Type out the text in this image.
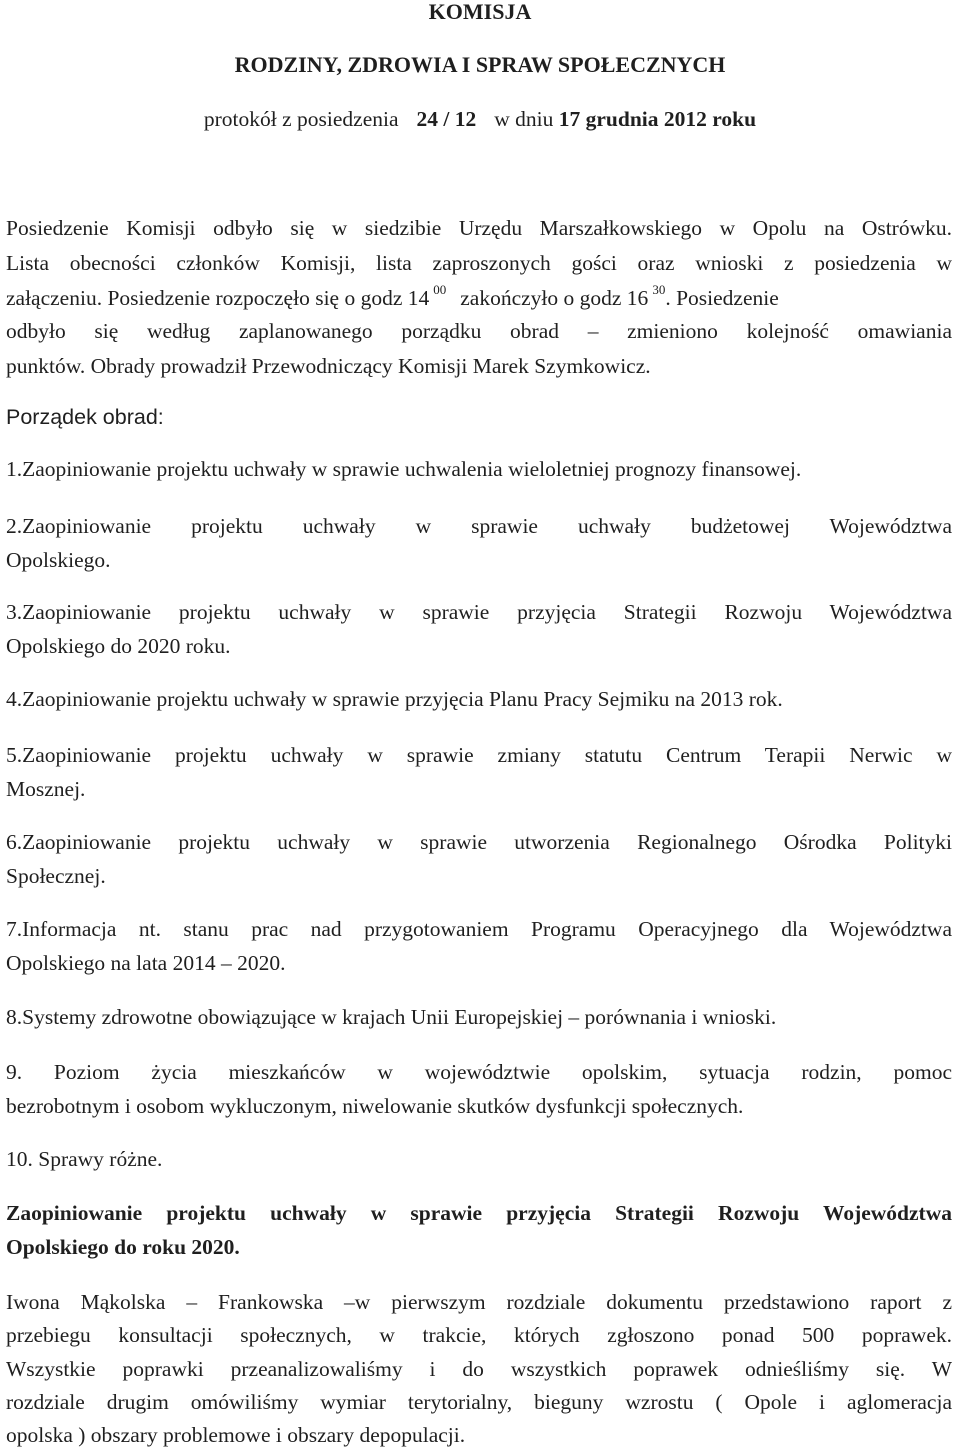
KOMISJA
RODZINY, ZDROWIA I SPRAW SPOŁECZNYCH
protokół z posiedzenia 24 / 12 w dniu 17 grudnia 2012 roku
Posiedzenie Komisji odbyło się w siedzibie Urzędu Marszałkowskiego w Opolu na Ostrówku.
Lista obecności członków Komisji, lista zaproszonych gości oraz wnioski z posiedzenia w
załączeniu. Posiedzenie rozpoczęło się o godz 14 $^{00}$ zakończyło o godz 16 $^{30}$. Posiedzenie
odbyło się według zaplanowanego porządku obrad – zmieniono kolejność omawiania
punktów. Obrady prowadził Przewodniczący Komisji Marek Szymkowicz.
Porządek obrad:
1.Zaopiniowanie projektu uchwały w sprawie uchwalenia wieloletniej prognozy finansowej.
2.Zaopiniowanie projektu uchwały w sprawie uchwały budżetowej Województwa
Opolskiego.
3.Zaopiniowanie projektu uchwały w sprawie przyjęcia Strategii Rozwoju Województwa
Opolskiego do 2020 roku.
4.Zaopiniowanie projektu uchwały w sprawie przyjęcia Planu Pracy Sejmiku na 2013 rok.
5.Zaopiniowanie projektu uchwały w sprawie zmiany statutu Centrum Terapii Nerwic w
Mosznej.
6.Zaopiniowanie projektu uchwały w sprawie utworzenia Regionalnego Ośrodka Polityki
Społecznej.
7.Informacja nt. stanu prac nad przygotowaniem Programu Operacyjnego dla Województwa
Opolskiego na lata 2014 – 2020.
8.Systemy zdrowotne obowiązujące w krajach Unii Europejskiej – porównania i wnioski.
9. Poziom życia mieszkańców w województwie opolskim, sytuacja rodzin, pomoc
bezrobotnym i osobom wykluczonym, niwelowanie skutków dysfunkcji społecznych.
10. Sprawy różne.
Zaopiniowanie projektu uchwały w sprawie przyjęcia Strategii Rozwoju Województwa
Opolskiego do roku 2020.
Iwona Mąkolska – Frankowska –w pierwszym rozdziale dokumentu przedstawiono raport z
przebiegu konsultacji społecznych, w trakcie, których zgłoszono ponad 500 poprawek.
Wszystkie poprawki przeanalizowaliśmy i do wszystkich poprawek odnieśliśmy się. W
rozdziale drugim omówiliśmy wymiar terytorialny, bieguny wzrostu ( Opole i aglomeracja
opolska ) obszary problemowe i obszary depopulacji.
